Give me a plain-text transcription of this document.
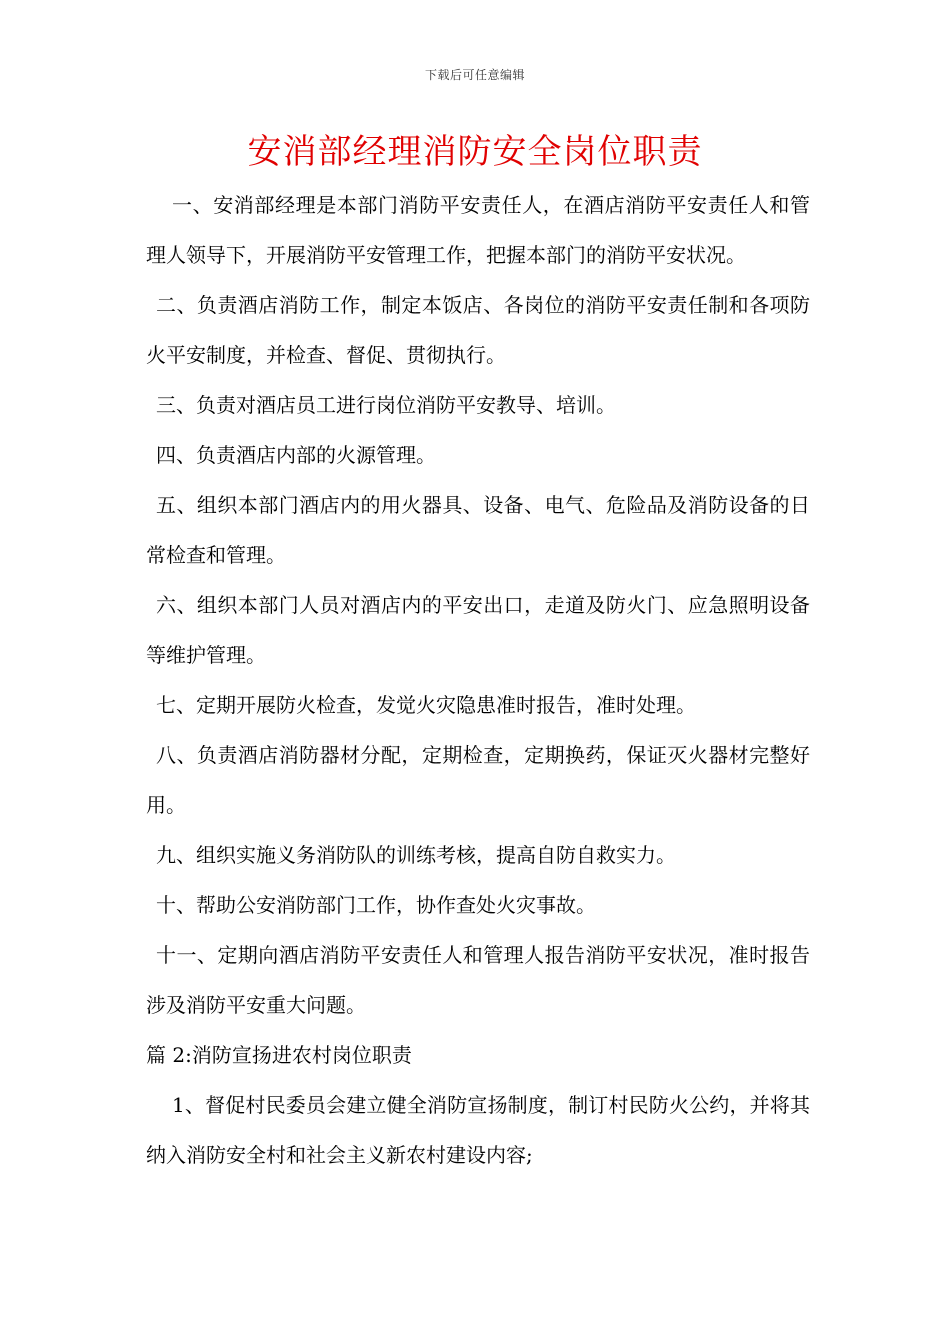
下载后可任意编辑
安消部经理消防安全岗位职责

一、安消部经理是本部门消防平安责任人，在酒店消防平安责任人和管理人领导下，开展消防平安管理工作，把握本部门的消防平安状况。

二、负责酒店消防工作，制定本饭店、各岗位的消防平安责任制和各项防火平安制度，并检查、督促、贯彻执行。

三、负责对酒店员工进行岗位消防平安教导、培训。

四、负责酒店内部的火源管理。

五、组织本部门酒店内的用火器具、设备、电气、危险品及消防设备的日常检查和管理。

六、组织本部门人员对酒店内的平安出口，走道及防火门、应急照明设备等维护管理。

七、定期开展防火检查，发觉火灾隐患准时报告，准时处理。

八、负责酒店消防器材分配，定期检查，定期换药，保证灭火器材完整好用。

九、组织实施义务消防队的训练考核，提高自防自救实力。

十、帮助公安消防部门工作，协作查处火灾事故。

十一、定期向酒店消防平安责任人和管理人报告消防平安状况，准时报告涉及消防平安重大问题。

篇 2:消防宣扬进农村岗位职责

1、督促村民委员会建立健全消防宣扬制度，制订村民防火公约，并将其纳入消防安全村和社会主义新农村建设内容;
